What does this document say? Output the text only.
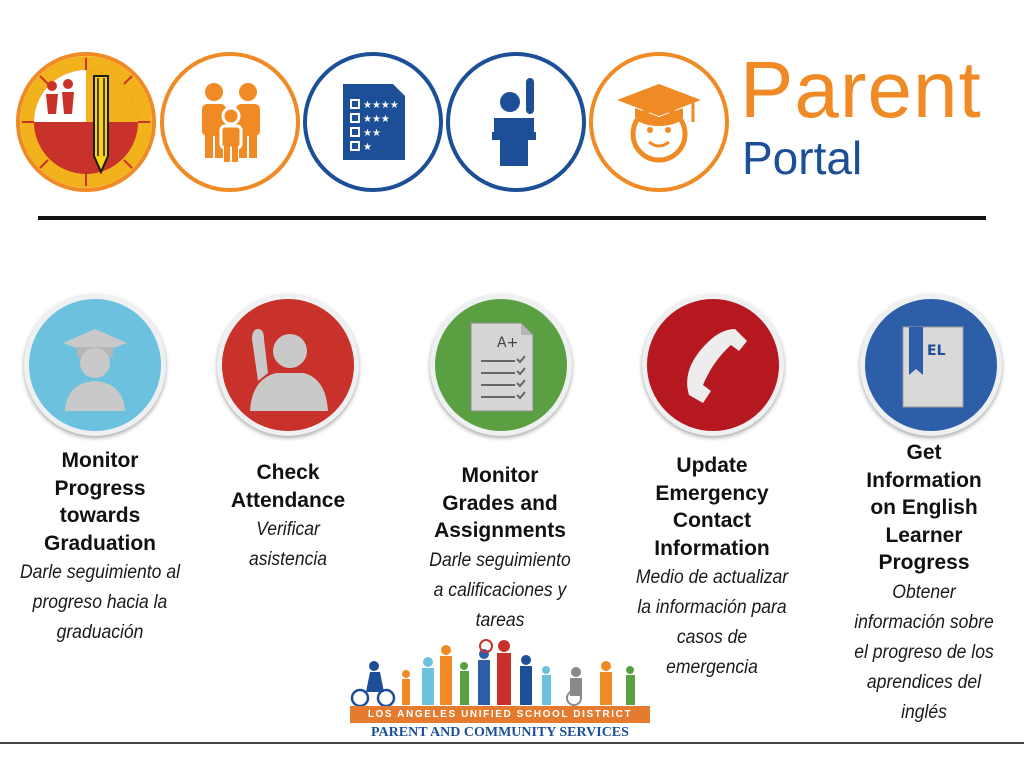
★★★★
★★★
★★
★
Parent
Portal
A+	EL
Monitor
Progress
towards
Graduation
Darle seguimiento al
progreso hacia la
graduación
Check
Attendance
Verificar
asistencia
Monitor
Grades and
Assignments
Darle seguimiento
a calificaciones y
tareas
Update
Emergency
Contact
Information
Medio de actualizar
la información para
casos de
emergencia
Get
Information
on English
Learner
Progress
Obtener
información sobre
el progreso de los
aprendices del
inglés
LOS ANGELES UNIFIED SCHOOL DISTRICT
PARENT AND COMMUNITY SERVICES
